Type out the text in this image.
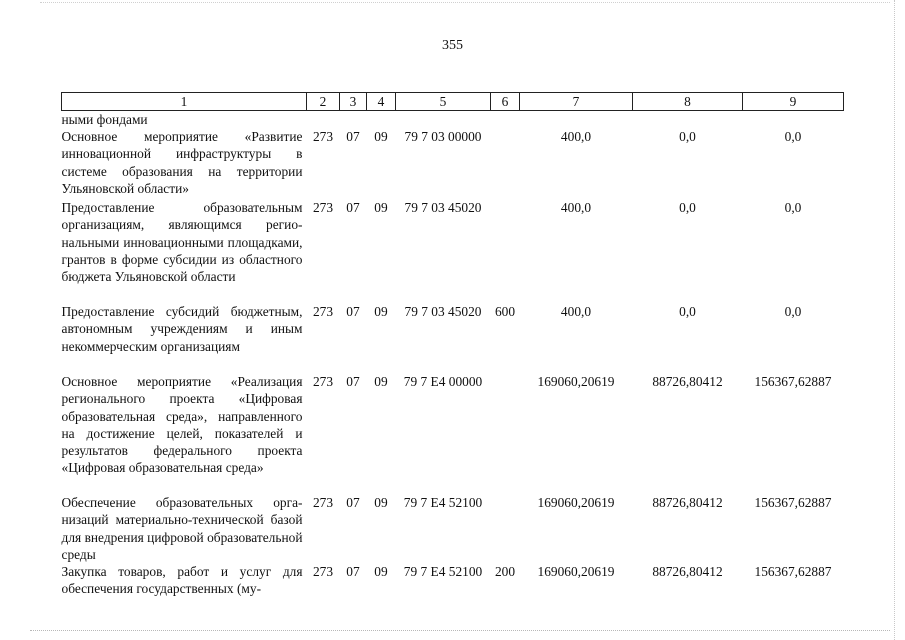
355
1	2	3	4	5	6	7	8	9
ными фондами								
Основное мероприятие «Развитие инновационной инфраструктуры в системе образования на территории Ульяновской области»	273	07	09	79 7 03 00000		400,0	0,0	0,0
Предоставление образовательным организациям, являющимся региональными инновационными площадками, грантов в форме субсидии из областного бюджета Ульяновской области	273	07	09	79 7 03 45020		400,0	0,0	0,0
Предоставление субсидий бюджетным, автономным учреждениям и иным некоммерческим организациям	273	07	09	79 7 03 45020	600	400,0	0,0	0,0
Основное мероприятие «Реализация регионального проекта «Цифровая образовательная среда», направленного на достижение целей, показателей и результатов федерального проекта «Цифровая образовательная среда»	273	07	09	79 7 E4 00000		169060,20619	88726,80412	156367,62887
Обеспечение образовательных организаций материально-технической базой для внедрения цифровой образовательной среды	273	07	09	79 7 E4 52100		169060,20619	88726,80412	156367,62887
Закупка товаров, работ и услуг для обеспечения государственных (му-	273	07	09	79 7 E4 52100	200	169060,20619	88726,80412	156367,62887
